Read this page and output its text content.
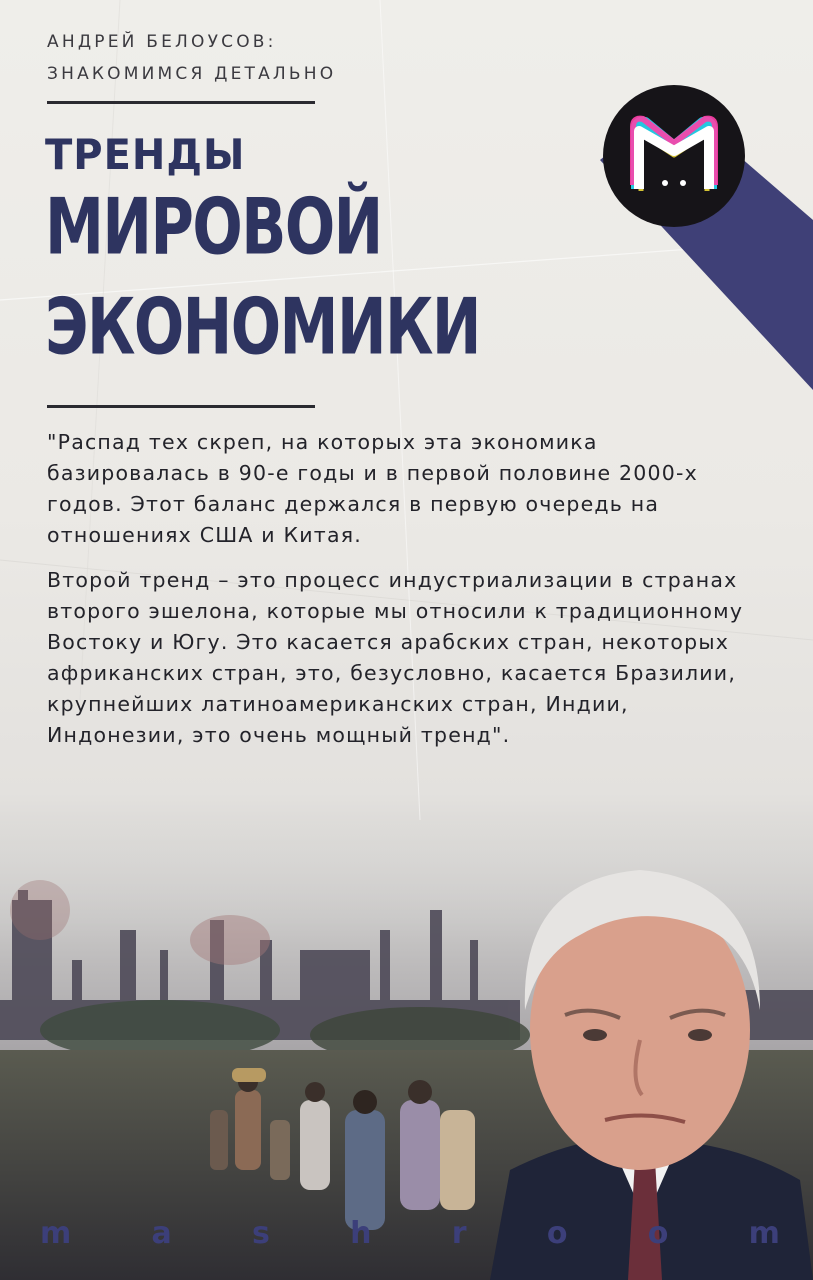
АНДРЕЙ БЕЛОУСОВ:
ЗНАКОМИМСЯ ДЕТАЛЬНО
ТРЕНДЫ
МИРОВОЙ
ЭКОНОМИКИ

"Распад тех скреп, на которых эта экономика базировалась в 90-е годы и в первой половине 2000-х годов. Этот баланс держался в первую очередь на отношениях США и Китая.

Второй тренд – это процесс индустриализации в странах второго эшелона, которые мы относили к традиционному Востоку и Югу. Это касается арабских стран, некоторых африканских стран, это, безусловно, касается Бразилии, крупнейших латиноамериканских стран, Индии, Индонезии, это очень мощный тренд".

m	a	s	h	r	o	o	m
